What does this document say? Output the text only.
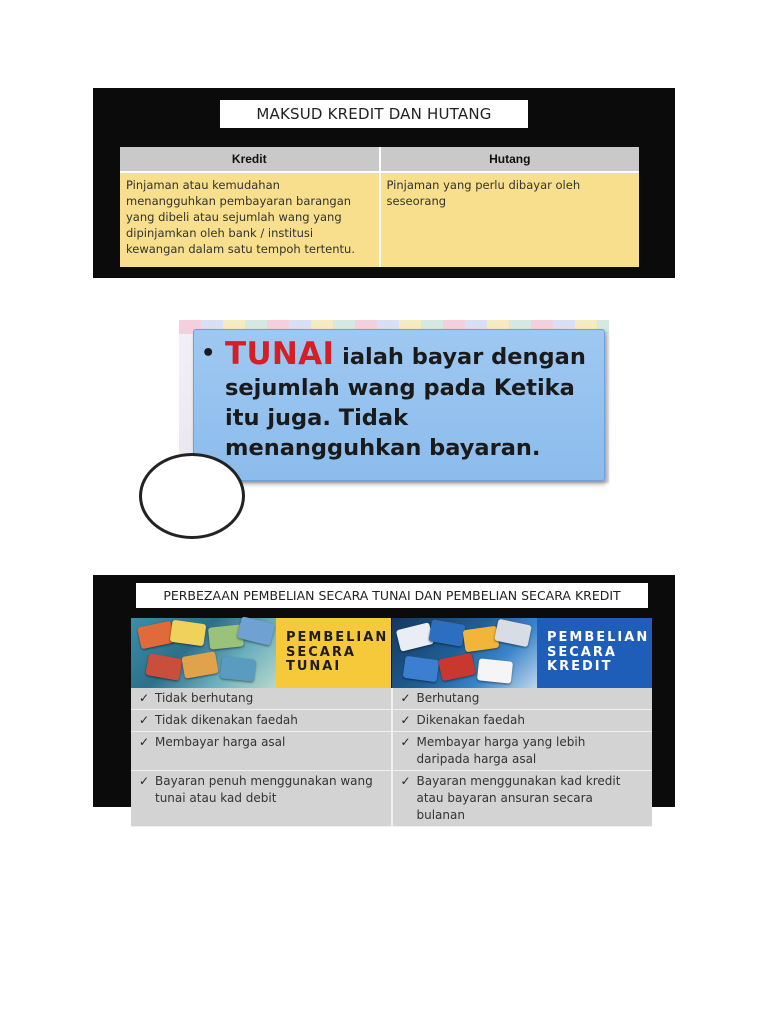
MAKSUD KREDIT DAN HUTANG
Kredit	Hutang
Pinjaman atau kemudahan menangguhkan pembayaran barangan yang dibeli atau sejumlah wang yang dipinjamkan oleh bank / institusi kewangan dalam satu tempoh tertentu.	Pinjaman yang perlu dibayar oleh seseorang
• TUNAI ialah bayar dengan
sejumlah wang pada Ketika
itu juga. Tidak
menangguhkan bayaran.
PERBEZAAN PEMBELIAN SECARA TUNAI DAN PEMBELIAN SECARA KREDIT
PEMBELIAN
SECARA
TUNAI
PEMBELIAN
SECARA
KREDIT
✓ Tidak berhutang	✓ Berhutang
✓ Tidak dikenakan faedah	✓ Dikenakan faedah
✓ Membayar harga asal	✓ Membayar harga yang lebih daripada harga asal
✓ Bayaran penuh menggunakan wang tunai atau kad debit	✓ Bayaran menggunakan kad kredit atau bayaran ansuran secara bulanan
